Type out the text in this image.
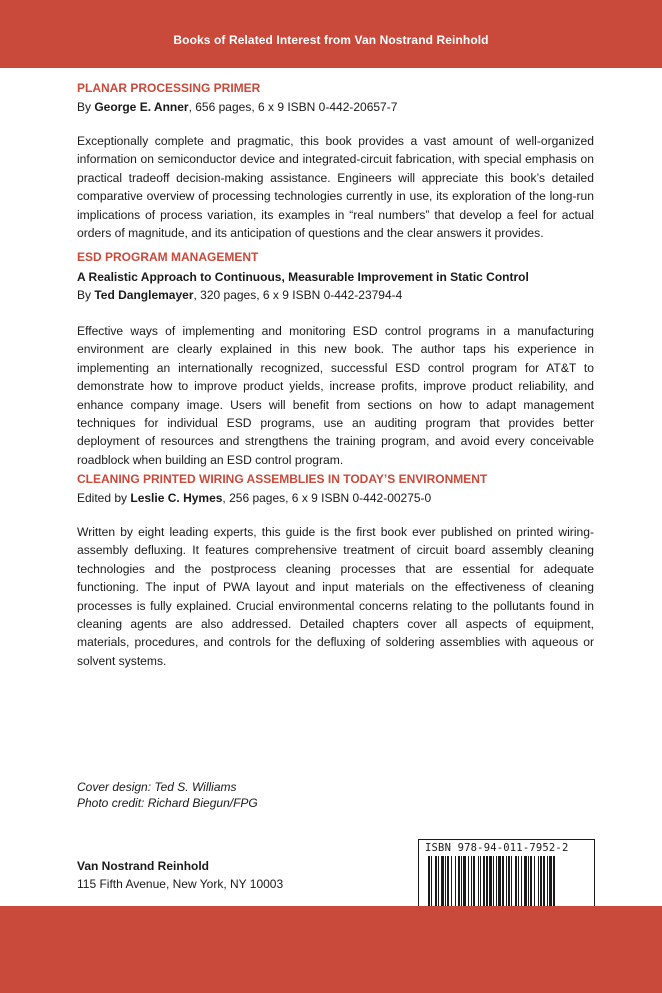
Books of Related Interest from Van Nostrand Reinhold

PLANAR PROCESSING PRIMER

By George E. Anner, 656 pages, 6 x 9 ISBN 0-442-20657-7

Exceptionally complete and pragmatic, this book provides a vast amount of well-organized information on semiconductor device and integrated-circuit fabrication, with special emphasis on practical tradeoff decision-making assistance. Engineers will appreciate this book’s detailed comparative overview of processing technologies currently in use, its exploration of the long-run implications of process variation, its examples in “real numbers” that develop a feel for actual orders of magnitude, and its anticipation of questions and the clear answers it provides.

ESD PROGRAM MANAGEMENT

A Realistic Approach to Continuous, Measurable Improvement in Static Control

By Ted Danglemayer, 320 pages, 6 x 9 ISBN 0-442-23794-4

Effective ways of implementing and monitoring ESD control programs in a manufacturing environment are clearly explained in this new book. The author taps his experience in implementing an internationally recognized, successful ESD control program for AT&T to demonstrate how to improve product yields, increase profits, improve product reliability, and enhance company image. Users will benefit from sections on how to adapt management techniques for individual ESD programs, use an auditing program that provides better deployment of resources and strengthens the training program, and avoid every conceivable roadblock when building an ESD control program.

CLEANING PRINTED WIRING ASSEMBLIES IN TODAY’S ENVIRONMENT

Edited by Leslie C. Hymes, 256 pages, 6 x 9 ISBN 0-442-00275-0

Written by eight leading experts, this guide is the first book ever published on printed wiring-assembly defluxing. It features comprehensive treatment of circuit board assembly cleaning technologies and the postprocess cleaning processes that are essential for adequate functioning. The input of PWA layout and input materials on the effectiveness of cleaning processes is fully explained. Crucial environmental concerns relating to the pollutants found in cleaning agents are also addressed. Detailed chapters cover all aspects of equipment, materials, procedures, and controls for the defluxing of soldering assemblies with aqueous or solvent systems.

Cover design: Ted S. Williams
Photo credit: Richard Biegun/FPG
Van Nostrand Reinhold
115 Fifth Avenue, New York, NY 10003
ISBN 978-94-011-7952-2
